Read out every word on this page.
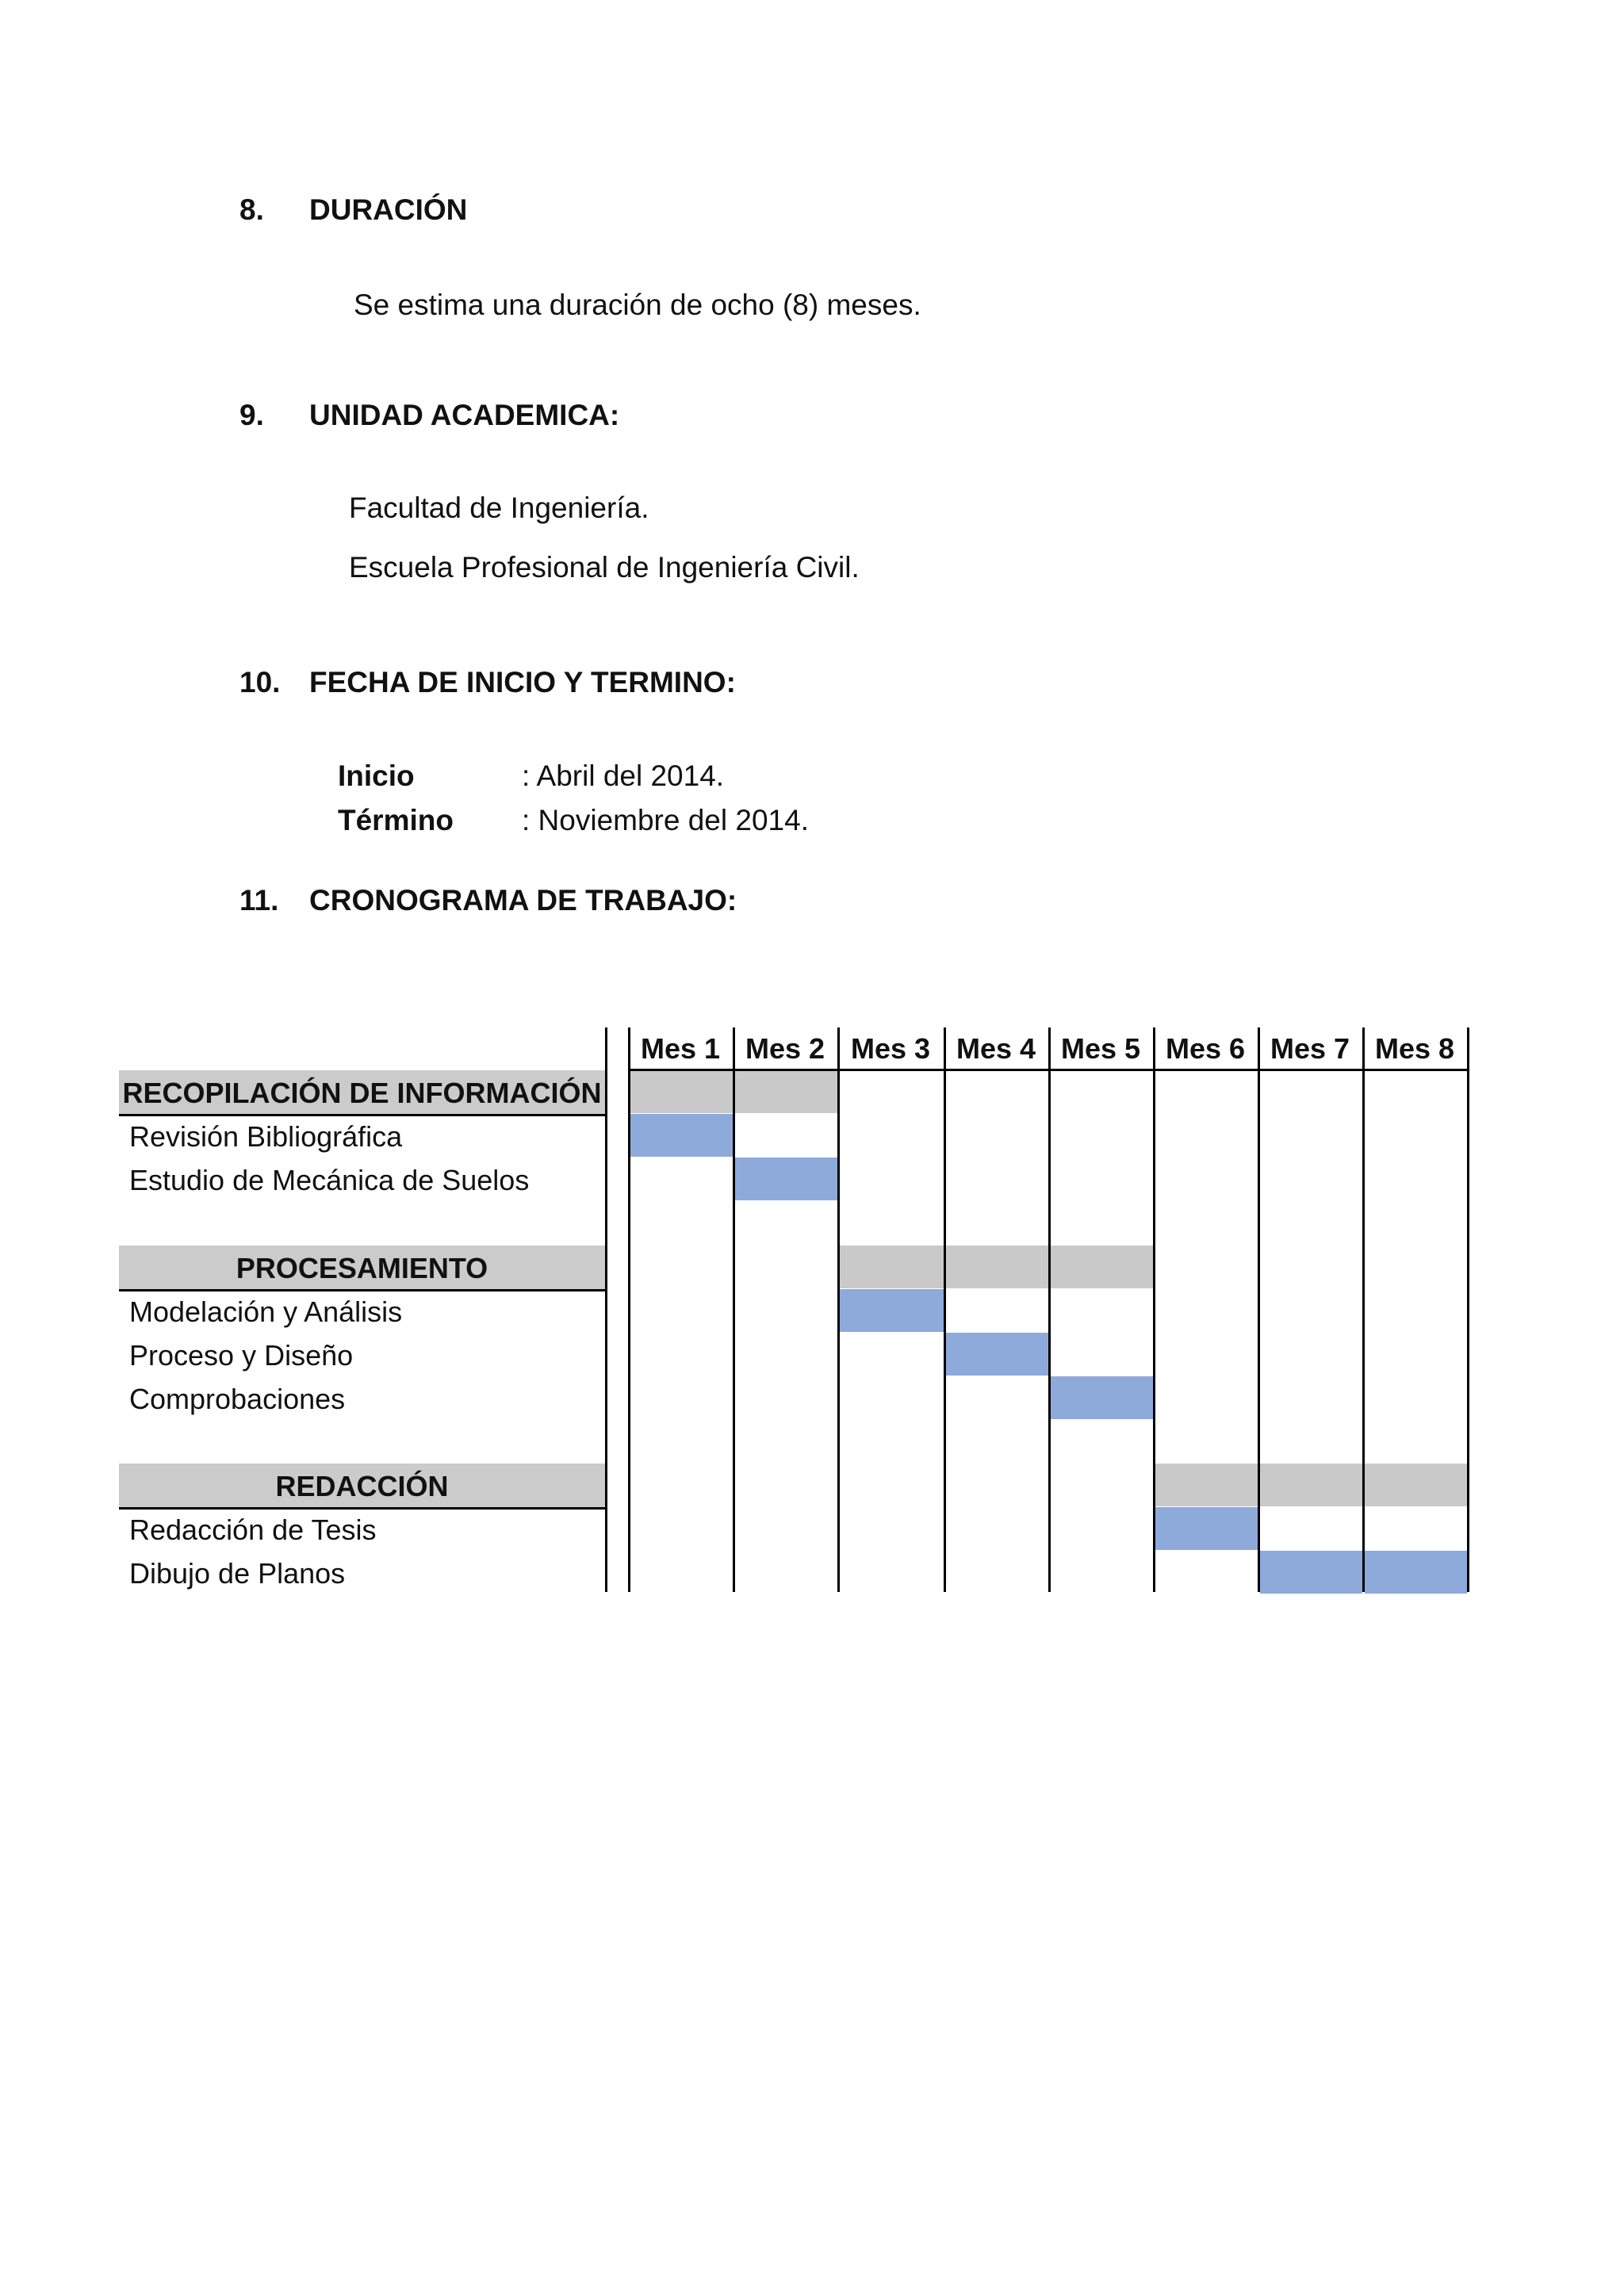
8. DURACIÓN
Se estima una duración de ocho (8) meses.
9. UNIDAD ACADEMICA:
Facultad de Ingeniería.
Escuela Profesional de Ingeniería Civil.
10. FECHA DE INICIO Y TERMINO:
Inicio	: Abril del 2014.
Término : Noviembre del 2014.
11. CRONOGRAMA DE TRABAJO:
Mes 1 Mes 2 Mes 3 Mes 4 Mes 5 Mes 6 Mes 7 Mes 8
RECOPILACIÓN DE INFORMACIÓN
Revisión Bibliográfica
Estudio de Mecánica de Suelos
PROCESAMIENTO
Modelación y Análisis
Proceso y Diseño
Comprobaciones
REDACCIÓN
Redacción de Tesis
Dibujo de Planos
